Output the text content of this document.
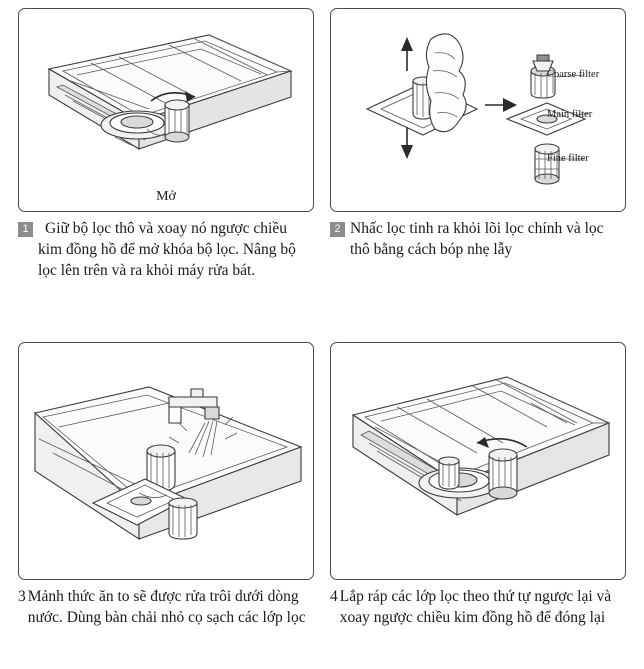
Mở
1	Giữ bộ lọc thô và xoay nó ngược chiều kim đồng hồ để mở khóa bộ lọc. Nâng bộ lọc lên trên và ra khỏi máy rửa bát.
Coarse filter
Main filter
Fine filter
2 Nhấc lọc tinh ra khỏi lõi lọc chính và lọc thô bằng cách bóp nhẹ lẫy
3 Mảnh thức ăn to sẽ được rửa trôi dưới dòng nước. Dùng bàn chải nhỏ cọ sạch các lớp lọc
4 Lắp ráp các lớp lọc theo thứ tự ngược lại và xoay ngược chiều kim đồng hồ để đóng lại
